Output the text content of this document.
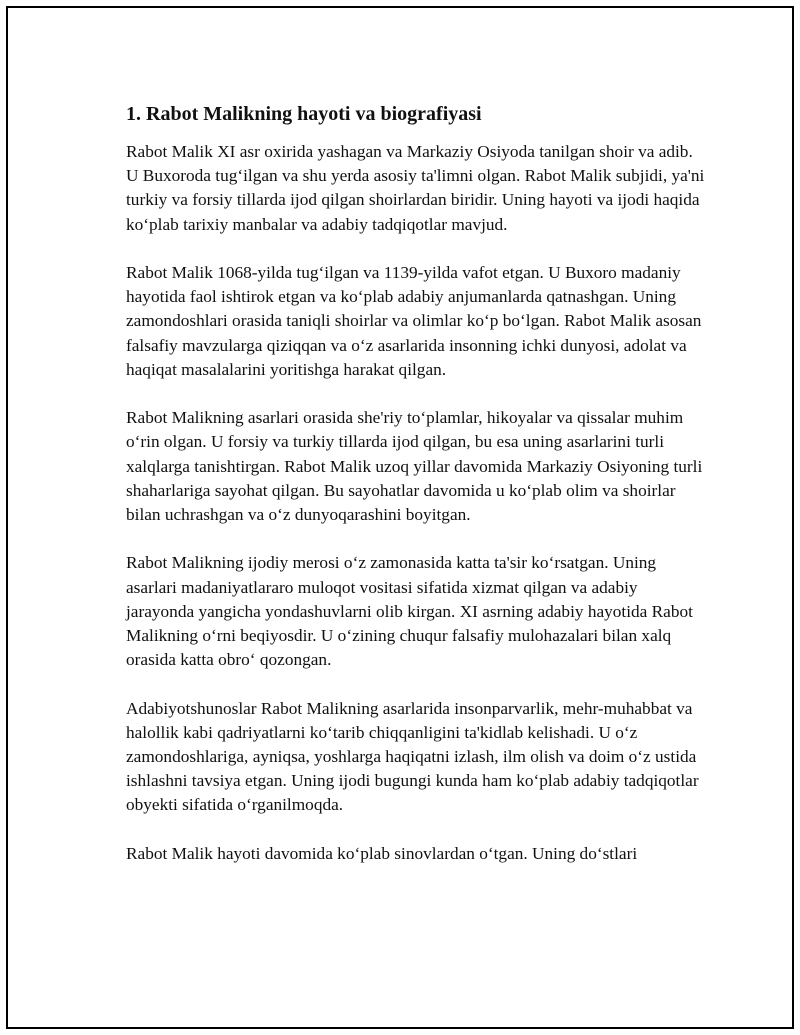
1. Rabot Malikning hayoti va biografiyasi

Rabot Malik XI asr oxirida yashagan va Markaziy Osiyoda tanilgan shoir va adib. U Buxoroda tug‘ilgan va shu yerda asosiy ta'limni olgan. Rabot Malik subjidi, ya'ni turkiy va forsiy tillarda ijod qilgan shoirlardan biridir. Uning hayoti va ijodi haqida ko‘plab tarixiy manbalar va adabiy tadqiqotlar mavjud.

Rabot Malik 1068-yilda tug‘ilgan va 1139-yilda vafot etgan. U Buxoro madaniy hayotida faol ishtirok etgan va ko‘plab adabiy anjumanlarda qatnashgan. Uning zamondoshlari orasida taniqli shoirlar va olimlar ko‘p bo‘lgan. Rabot Malik asosan falsafiy mavzularga qiziqqan va o‘z asarlarida insonning ichki dunyosi, adolat va haqiqat masalalarini yoritishga harakat qilgan.

Rabot Malikning asarlari orasida she'riy to‘plamlar, hikoyalar va qissalar muhim o‘rin olgan. U forsiy va turkiy tillarda ijod qilgan, bu esa uning asarlarini turli xalqlarga tanishtirgan. Rabot Malik uzoq yillar davomida Markaziy Osiyoning turli shaharlariga sayohat qilgan. Bu sayohatlar davomida u ko‘plab olim va shoirlar bilan uchrashgan va o‘z dunyoqarashini boyitgan.

Rabot Malikning ijodiy merosi o‘z zamonasida katta ta'sir ko‘rsatgan. Uning asarlari madaniyatlararo muloqot vositasi sifatida xizmat qilgan va adabiy jarayonda yangicha yondashuvlarni olib kirgan. XI asrning adabiy hayotida Rabot Malikning o‘rni beqiyosdir. U o‘zining chuqur falsafiy mulohazalari bilan xalq orasida katta obro‘ qozongan.

Adabiyotshunoslar Rabot Malikning asarlarida insonparvarlik, mehr-muhabbat va halollik kabi qadriyatlarni ko‘tarib chiqqanligini ta'kidlab kelishadi. U o‘z zamondoshlariga, ayniqsa, yoshlarga haqiqatni izlash, ilm olish va doim o‘z ustida ishlashni tavsiya etgan. Uning ijodi bugungi kunda ham ko‘plab adabiy tadqiqotlar obyekti sifatida o‘rganilmoqda.

Rabot Malik hayoti davomida ko‘plab sinovlardan o‘tgan. Uning do‘stlari
